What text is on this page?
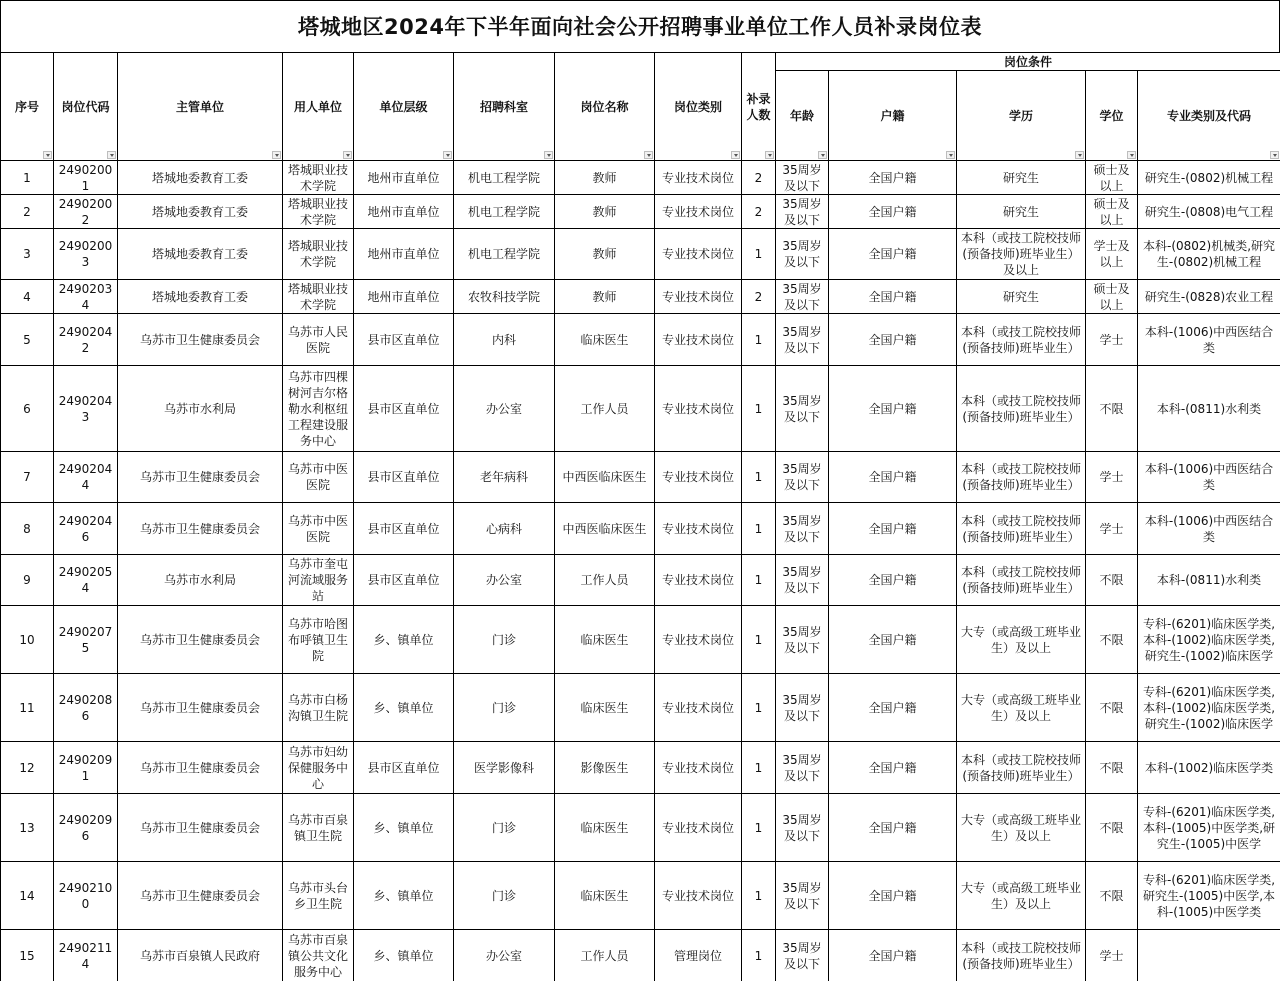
塔城地区2024年下半年面向社会公开招聘事业单位工作人员补录岗位表
序号	岗位代码	主管单位	用人单位	单位层级	招聘科室	岗位名称	岗位类别	补录人数	岗位条件				
									年龄	户籍	学历	学位	专业类别及代码

1	24902001	塔城地委教育工委	塔城职业技术学院	地州市直单位	机电工程学院	教师	专业技术岗位	2	35周岁及以下	全国户籍	研究生	硕士及以上	研究生-(0802)机械工程
2	24902002	塔城地委教育工委	塔城职业技术学院	地州市直单位	机电工程学院	教师	专业技术岗位	2	35周岁及以下	全国户籍	研究生	硕士及以上	研究生-(0808)电气工程
3	24902003	塔城地委教育工委	塔城职业技术学院	地州市直单位	机电工程学院	教师	专业技术岗位	1	35周岁及以下	全国户籍	本科（或技工院校技师(预备技师)班毕业生）及以上	学士及以上	本科-(0802)机械类,研究生-(0802)机械工程
4	24902034	塔城地委教育工委	塔城职业技术学院	地州市直单位	农牧科技学院	教师	专业技术岗位	2	35周岁及以下	全国户籍	研究生	硕士及以上	研究生-(0828)农业工程
5	24902042	乌苏市卫生健康委员会	乌苏市人民医院	县市区直单位	内科	临床医生	专业技术岗位	1	35周岁及以下	全国户籍	本科（或技工院校技师(预备技师)班毕业生）	学士	本科-(1006)中西医结合类
6	24902043	乌苏市水利局	乌苏市四棵树河吉尔格勒水利枢纽工程建设服务中心	县市区直单位	办公室	工作人员	专业技术岗位	1	35周岁及以下	全国户籍	本科（或技工院校技师(预备技师)班毕业生）	不限	本科-(0811)水利类
7	24902044	乌苏市卫生健康委员会	乌苏市中医医院	县市区直单位	老年病科	中西医临床医生	专业技术岗位	1	35周岁及以下	全国户籍	本科（或技工院校技师(预备技师)班毕业生）	学士	本科-(1006)中西医结合类
8	24902046	乌苏市卫生健康委员会	乌苏市中医医院	县市区直单位	心病科	中西医临床医生	专业技术岗位	1	35周岁及以下	全国户籍	本科（或技工院校技师(预备技师)班毕业生）	学士	本科-(1006)中西医结合类
9	24902054	乌苏市水利局	乌苏市奎屯河流域服务站	县市区直单位	办公室	工作人员	专业技术岗位	1	35周岁及以下	全国户籍	本科（或技工院校技师(预备技师)班毕业生）	不限	本科-(0811)水利类
10	24902075	乌苏市卫生健康委员会	乌苏市哈图布呼镇卫生院	乡、镇单位	门诊	临床医生	专业技术岗位	1	35周岁及以下	全国户籍	大专（或高级工班毕业生）及以上	不限	专科-(6201)临床医学类,本科-(1002)临床医学类,研究生-(1002)临床医学
11	24902086	乌苏市卫生健康委员会	乌苏市白杨沟镇卫生院	乡、镇单位	门诊	临床医生	专业技术岗位	1	35周岁及以下	全国户籍	大专（或高级工班毕业生）及以上	不限	专科-(6201)临床医学类,本科-(1002)临床医学类,研究生-(1002)临床医学
12	24902091	乌苏市卫生健康委员会	乌苏市妇幼保健服务中心	县市区直单位	医学影像科	影像医生	专业技术岗位	1	35周岁及以下	全国户籍	本科（或技工院校技师(预备技师)班毕业生）	不限	本科-(1002)临床医学类
13	24902096	乌苏市卫生健康委员会	乌苏市百泉镇卫生院	乡、镇单位	门诊	临床医生	专业技术岗位	1	35周岁及以下	全国户籍	大专（或高级工班毕业生）及以上	不限	专科-(6201)临床医学类,本科-(1005)中医学类,研究生-(1005)中医学
14	24902100	乌苏市卫生健康委员会	乌苏市头台乡卫生院	乡、镇单位	门诊	临床医生	专业技术岗位	1	35周岁及以下	全国户籍	大专（或高级工班毕业生）及以上	不限	专科-(6201)临床医学类,研究生-(1005)中医学,本科-(1005)中医学类
15	24902114	乌苏市百泉镇人民政府	乌苏市百泉镇公共文化服务中心	乡、镇单位	办公室	工作人员	管理岗位	1	35周岁及以下	全国户籍	本科（或技工院校技师(预备技师)班毕业生）	学士	
